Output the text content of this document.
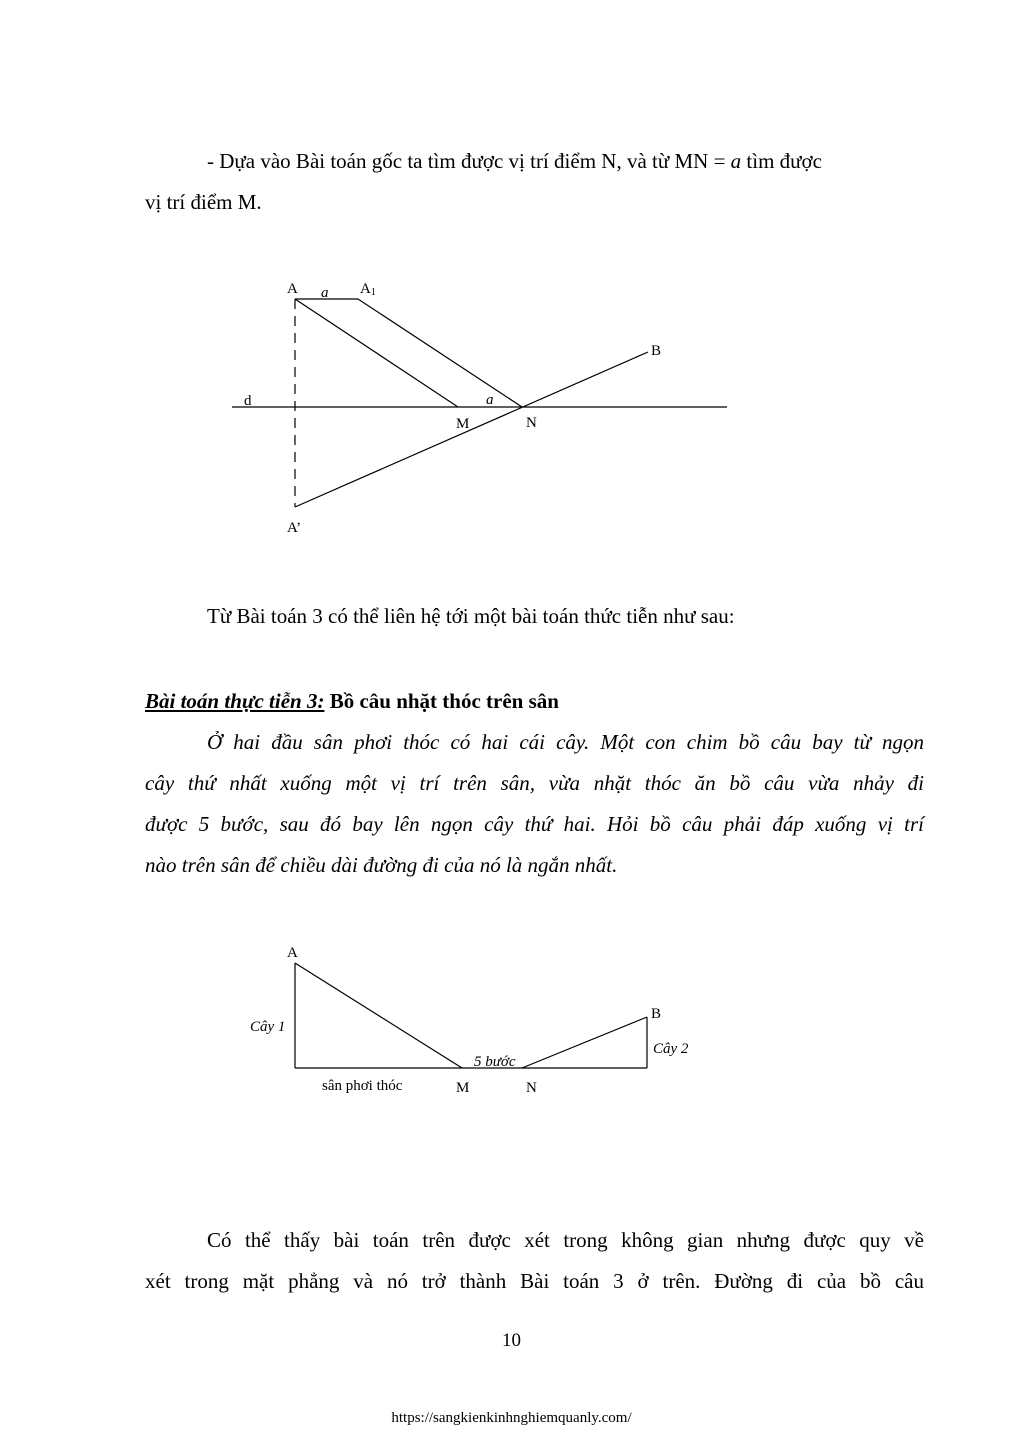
- Dựa vào Bài toán gốc ta tìm được vị trí điểm N, và từ MN = a tìm được

vị trí điểm M.

A a A1
B
d	a
M	N
A’
A
Cây 1
B
Cây 2
5 bước
sân phơi thóc	M	N

Từ Bài toán 3 có thể liên hệ tới một bài toán thức tiễn như sau:

Bài toán thực tiễn 3: Bồ câu nhặt thóc trên sân

Ở hai đầu sân phơi thóc có hai cái cây. Một con chim bồ câu bay từ ngọn

cây thứ nhất xuống một vị trí trên sân, vừa nhặt thóc ăn bồ câu vừa nhảy đi

được 5 bước, sau đó bay lên ngọn cây thứ hai. Hỏi bồ câu phải đáp xuống vị trí

nào trên sân để chiều dài đường đi của nó là ngắn nhất.

Có thể thấy bài toán trên được xét trong không gian nhưng được quy về

xét trong mặt phẳng và nó trở thành Bài toán 3 ở trên. Đường đi của bồ câu

10
https://sangkienkinhnghiemquanly.com/
